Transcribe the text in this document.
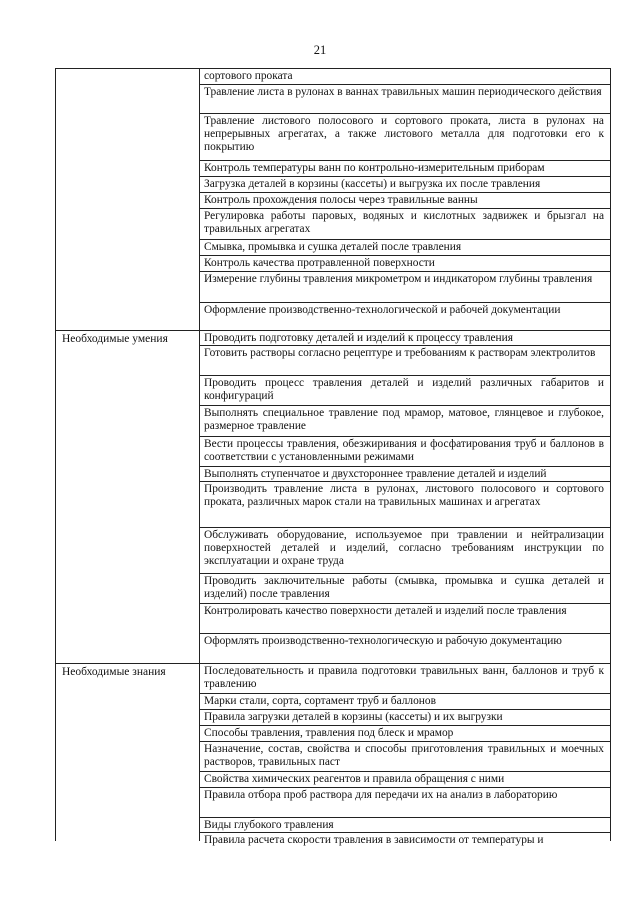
21
сортового проката
Травление листа в рулонах в ваннах травильных машин периодического действия
Травление листового полосового и сортового проката, листа в рулонах на непрерывных агрегатах, а также листового металла для подготовки его к покрытию
Контроль температуры ванн по контрольно-измерительным приборам
Загрузка деталей в корзины (кассеты) и выгрузка их после травления
Контроль прохождения полосы через травильные ванны
Регулировка работы паровых, водяных и кислотных задвижек и брызгал на травильных агрегатах
Смывка, промывка и сушка деталей после травления
Контроль качества протравленной поверхности
Измерение глубины травления микрометром и индикатором глубины травления
Оформление производственно-технологической и рабочей документации
Необходимые умения	Проводить подготовку деталей и изделий к процессу травления
Готовить растворы согласно рецептуре и требованиям к растворам электролитов
Проводить процесс травления деталей и изделий различных габаритов и конфигураций
Выполнять специальное травление под мрамор, матовое, глянцевое и глубокое, размерное травление
Вести процессы травления, обезжиривания и фосфатирования труб и баллонов в соответствии с установленными режимами
Выполнять ступенчатое и двухстороннее травление деталей и изделий
Производить травление листа в рулонах, листового полосового и сортового проката, различных марок стали на травильных машинах и агрегатах
Обслуживать оборудование, используемое при травлении и нейтрализации поверхностей деталей и изделий, согласно требованиям инструкции по эксплуатации и охране труда
Проводить заключительные работы (смывка, промывка и сушка деталей и изделий) после травления
Контролировать качество поверхности деталей и изделий после травления
Оформлять производственно-технологическую и рабочую документацию
Необходимые знания	Последовательность и правила подготовки травильных ванн, баллонов и труб к травлению
Марки стали, сорта, сортамент труб и баллонов
Правила загрузки деталей в корзины (кассеты) и их выгрузки
Способы травления, травления под блеск и мрамор
Назначение, состав, свойства и способы приготовления травильных и моечных растворов, травильных паст
Свойства химических реагентов и правила обращения с ними
Правила отбора проб раствора для передачи их на анализ в лабораторию
Виды глубокого травления
Правила расчета скорости травления в зависимости от температуры и
